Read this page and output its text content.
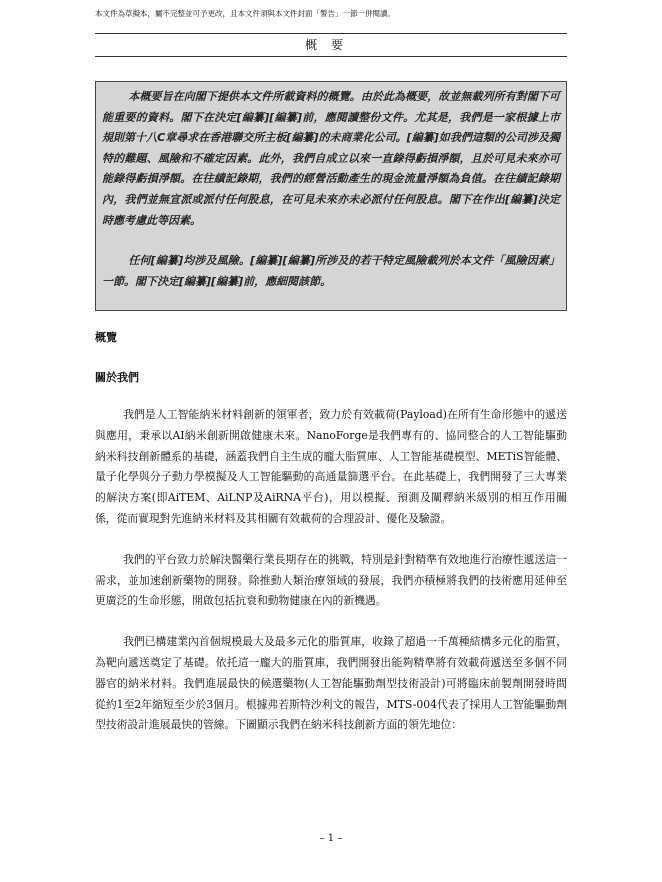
本文件為草擬本，屬不完整並可予更改，且本文件須與本文件封面「警告」一節一併閱讀。
概要

本概要旨在向閣下提供本文件所載資料的概覽。由於此為概要，故並無載列所有對閣下可能重要的資料。閣下在決定[編纂][編纂]前，應閱讀整份文件。尤其是，我們是一家根據上市規則第十八C章尋求在香港聯交所主板[編纂]的未商業化公司。[編纂]如我們這類的公司涉及獨特的難題、風險和不確定因素。此外，我們自成立以來一直錄得虧損淨額，且於可見未來亦可能錄得虧損淨額。在往績記錄期，我們的經營活動產生的現金流量淨額為負值。在往績記錄期內，我們並無宣派或派付任何股息，在可見未來亦未必派付任何股息。閣下在作出[編纂]決定時應考慮此等因素。

任何[編纂]均涉及風險。[編纂][編纂]所涉及的若干特定風險載列於本文件「風險因素」一節。閣下決定[編纂][編纂]前，應細閱該節。

概覽
關於我們

我們是人工智能納米材料創新的領軍者，致力於有效載荷(Payload)在所有生命形態中的遞送與應用，秉承以AI納米創新開啟健康未來。NanoForge是我們專有的、協同整合的人工智能驅動納米科技創新體系的基礎，涵蓋我們自主生成的龐大脂質庫、人工智能基礎模型、METiS智能體、量子化學與分子動力學模擬及人工智能驅動的高通量篩選平台。在此基礎上，我們開發了三大專業的解決方案(即AiTEM、AiLNP及AiRNA平台)，用以模擬、預測及闡釋納米級別的相互作用關係，從而實現對先進納米材料及其相關有效載荷的合理設計、優化及驗證。

我們的平台致力於解決醫藥行業長期存在的挑戰，特別是針對精準有效地進行治療性遞送這一需求，並加速創新藥物的開發。除推動人類治療領域的發展，我們亦積極將我們的技術應用延伸至更廣泛的生命形態，開啟包括抗衰和動物健康在內的新機遇。

我們已構建業內首個規模最大及最多元化的脂質庫，收錄了超過一千萬種結構多元化的脂質，為靶向遞送奠定了基礎。依托這一龐大的脂質庫，我們開發出能夠精準將有效載荷遞送至多個不同器官的納米材料。我們進展最快的候選藥物(人工智能驅動劑型技術設計)可將臨床前製劑開發時間從約1至2年縮短至少於3個月。根據弗若斯特沙利文的報告，MTS-004代表了採用人工智能驅動劑型技術設計進展最快的管線。下圖顯示我們在納米科技創新方面的領先地位：

– 1 –
